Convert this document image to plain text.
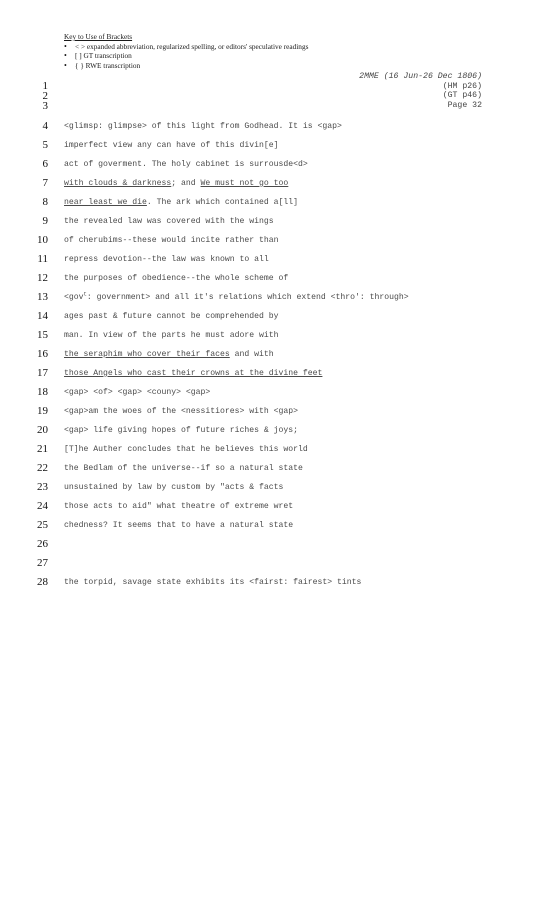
Key to Use of Brackets
• < > expanded abbreviation, regularized spelling, or editors' speculative readings
• [ ] GT transcription
• { } RWE transcription
2MME (16 Jun-26 Dec 1806)
(HM p26)
(GT p46)
Page 32
1
2
3
4 <glimsp: glimpse> of this light from Godhead. It is <gap>
5 imperfect view any can have of this divin[e]
6 act of goverment. The holy cabinet is surrousde<d>
7 with clouds & darkness; and We must not go too
8 near least we die. The ark which contained a[ll]
9 the revealed law was covered with the wings
10 of cherubims--these would incite rather than
11 repress devotion--the law was known to all
12 the purposes of obedience--the whole scheme of
13 <gov$^t$: government> and all it's relations which extend <thro': through>
14 ages past & future cannot be comprehended by
15 man. In view of the parts he must adore with
16 the seraphim who cover their faces and with
17 those Angels who cast their crowns at the divine feet
18 <gap> <of> <gap> <couny> <gap>
19 <gap>am the woes of the <nessitiores> with <gap>
20 <gap> life giving hopes of future riches & joys;
21 [T]he Auther concludes that he believes this world
22 the Bedlam of the universe--if so a natural state
23 unsustained by law by custom by "acts & facts
24 those acts to aid" what theatre of extreme wret
25 chedness? It seems that to have a natural state
26
27
28 the torpid, savage state exhibits its <fairst: fairest> tints
